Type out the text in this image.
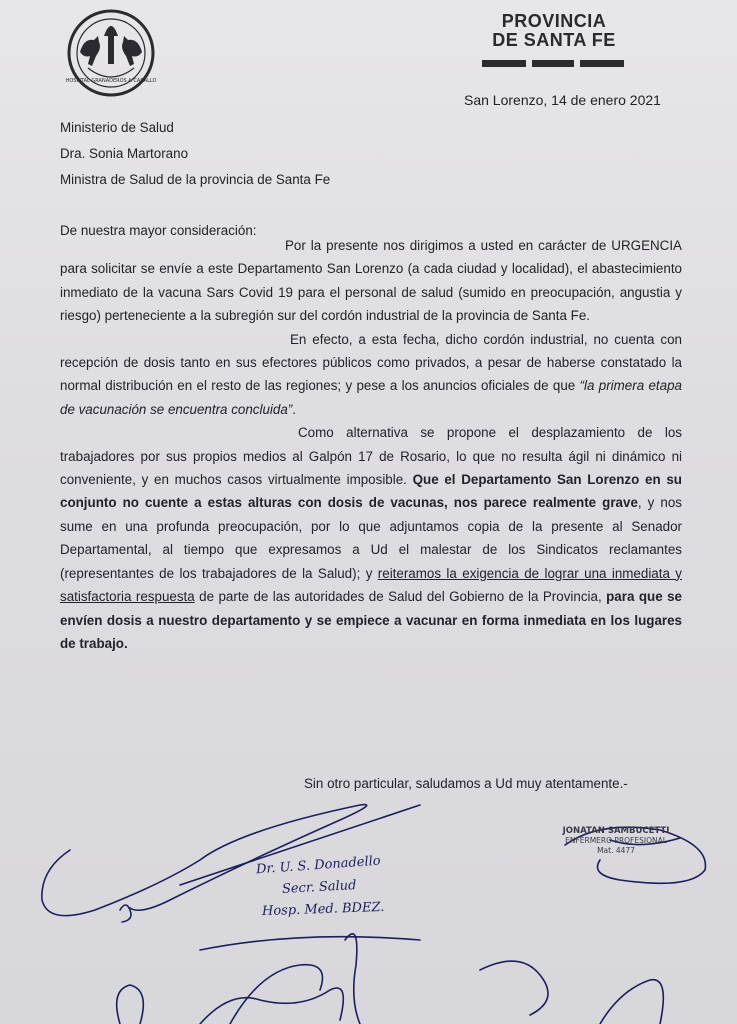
HOSPITAL GRANADEROS A CABALLO
PROVINCIA
DE SANTA FE
San Lorenzo, 14 de enero 2021
Ministerio de Salud
Dra. Sonia Martorano
Ministra de Salud de la provincia de Santa Fe
De nuestra mayor consideración:

Por la presente nos dirigimos a usted en carácter de URGENCIA para solicitar se envíe a este Departamento San Lorenzo (a cada ciudad y localidad), el abastecimiento inmediato de la vacuna Sars Covid 19 para el personal de salud (sumido en preocupación, angustia y riesgo) perteneciente a la subregión sur del cordón industrial de la provincia de Santa Fe.

En efecto, a esta fecha, dicho cordón industrial, no cuenta con recepción de dosis tanto en sus efectores públicos como privados, a pesar de haberse constatado la normal distribución en el resto de las regiones; y pese a los anuncios oficiales de que “la primera etapa de vacunación se encuentra concluida”.

Como alternativa se propone el desplazamiento de los trabajadores por sus propios medios al Galpón 17 de Rosario, lo que no resulta ágil ni dinámico ni conveniente, y en muchos casos virtualmente imposible. Que el Departamento San Lorenzo en su conjunto no cuente a estas alturas con dosis de vacunas, nos parece realmente grave, y nos sume en una profunda preocupación, por lo que adjuntamos copia de la presente al Senador Departamental, al tiempo que expresamos a Ud el malestar de los Sindicatos reclamantes (representantes de los trabajadores de la Salud); y reiteramos la exigencia de lograr una inmediata y satisfactoria respuesta de parte de las autoridades de Salud del Gobierno de la Provincia, para que se envíen dosis a nuestro departamento y se empiece a vacunar en forma inmediata en los lugares de trabajo.

Sin otro particular, saludamos a Ud muy atentamente.-
Dr. U. S. Donadello
Secr. Salud
Hosp. Med. BDEZ.
JONATAN SAMBUCETTI
ENFERMERO PROFESIONAL
Mat. 4477
